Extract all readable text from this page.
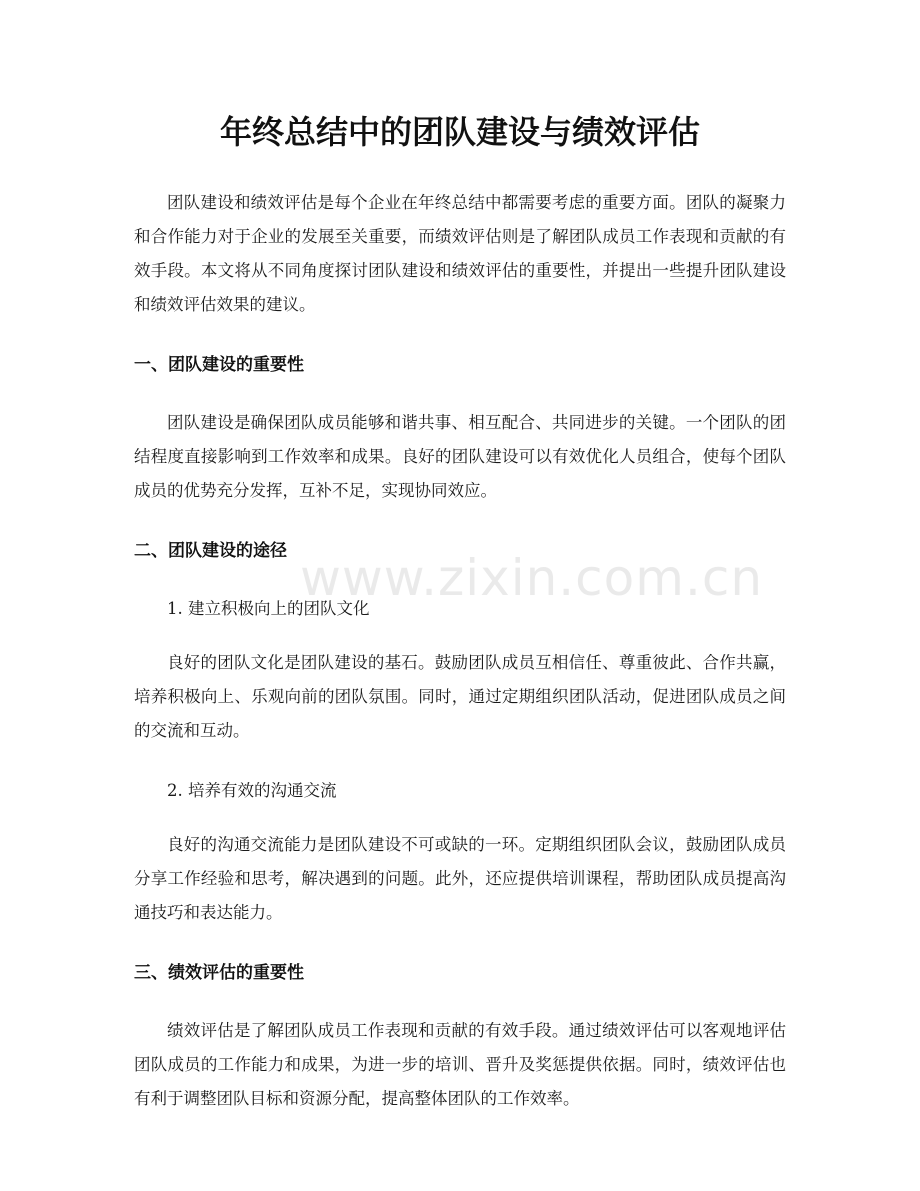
年终总结中的团队建设与绩效评估

团队建设和绩效评估是每个企业在年终总结中都需要考虑的重要方面。团队的凝聚力和合作能力对于企业的发展至关重要，而绩效评估则是了解团队成员工作表现和贡献的有效手段。本文将从不同角度探讨团队建设和绩效评估的重要性，并提出一些提升团队建设和绩效评估效果的建议。

一、团队建设的重要性

团队建设是确保团队成员能够和谐共事、相互配合、共同进步的关键。一个团队的团结程度直接影响到工作效率和成果。良好的团队建设可以有效优化人员组合，使每个团队成员的优势充分发挥，互补不足，实现协同效应。

二、团队建设的途径

1. 建立积极向上的团队文化

良好的团队文化是团队建设的基石。鼓励团队成员互相信任、尊重彼此、合作共赢，培养积极向上、乐观向前的团队氛围。同时，通过定期组织团队活动，促进团队成员之间的交流和互动。

2. 培养有效的沟通交流

良好的沟通交流能力是团队建设不可或缺的一环。定期组织团队会议，鼓励团队成员分享工作经验和思考，解决遇到的问题。此外，还应提供培训课程，帮助团队成员提高沟通技巧和表达能力。

三、绩效评估的重要性

绩效评估是了解团队成员工作表现和贡献的有效手段。通过绩效评估可以客观地评估团队成员的工作能力和成果，为进一步的培训、晋升及奖惩提供依据。同时，绩效评估也有利于调整团队目标和资源分配，提高整体团队的工作效率。

www.zixin.com.cn
